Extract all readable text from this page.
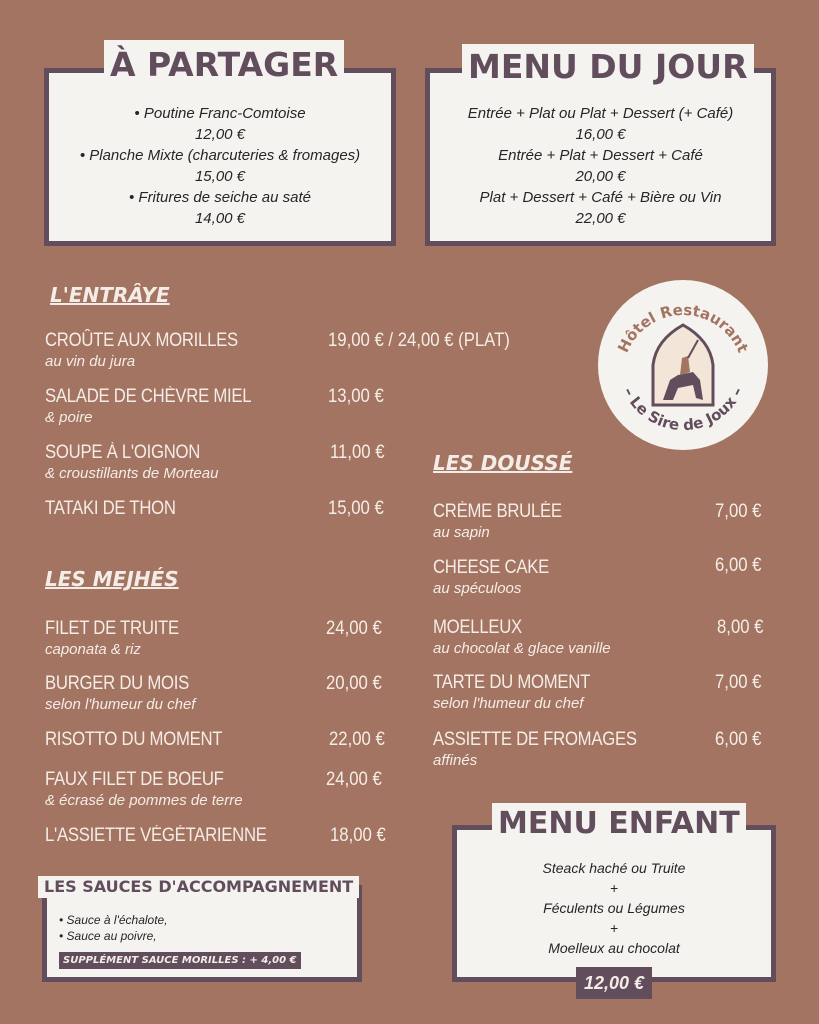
• Poutine Franc-Comtoise
12,00 €
• Planche Mixte (charcuteries & fromages)
15,00 €
• Fritures de seiche au saté
14,00 €
À PARTAGER
Entrée + Plat ou Plat + Dessert (+ Café)
16,00 €
Entrée + Plat + Dessert + Café
20,00 €
Plat + Dessert + Café + Bière ou Vin
22,00 €
MENU DU JOUR
Hôtel Restaurant
– Le Sire de Joux –
L'ENTRÂYE
CROÛTE AUX MORILLES
au vin du jura
19,00 € / 24,00 € (PLAT)
SALADE DE CHÈVRE MIEL
& poire
13,00 €
SOUPE À L'OIGNON
& croustillants de Morteau
11,00 €
TATAKI DE THON	15,00 €
LES MEJHÉS
FILET DE TRUITE
caponata & riz
24,00 €
BURGER DU MOIS
selon l'humeur du chef
20,00 €
RISOTTO DU MOMENT	22,00 €
FAUX FILET DE BOEUF
& écrasé de pommes de terre
24,00 €
L'ASSIETTE VÉGÉTARIENNE	18,00 €
LES DOUSSÉ
CRÈME BRULÉE
au sapin
7,00 €
CHEESE CAKE
au spéculoos
6,00 €
MOELLEUX
au chocolat & glace vanille
8,00 €
TARTE DU MOMENT
selon l'humeur du chef
7,00 €
ASSIETTE DE FROMAGES
affinés
6,00 €
• Sauce à l'échalote,
• Sauce au poivre,
SUPPLÉMENT SAUCE MORILLES : + 4,00 €
LES SAUCES D'ACCOMPAGNEMENT
Steack haché ou Truite
+
Féculents ou Légumes
+
Moelleux au chocolat
MENU ENFANT
12,00 €
